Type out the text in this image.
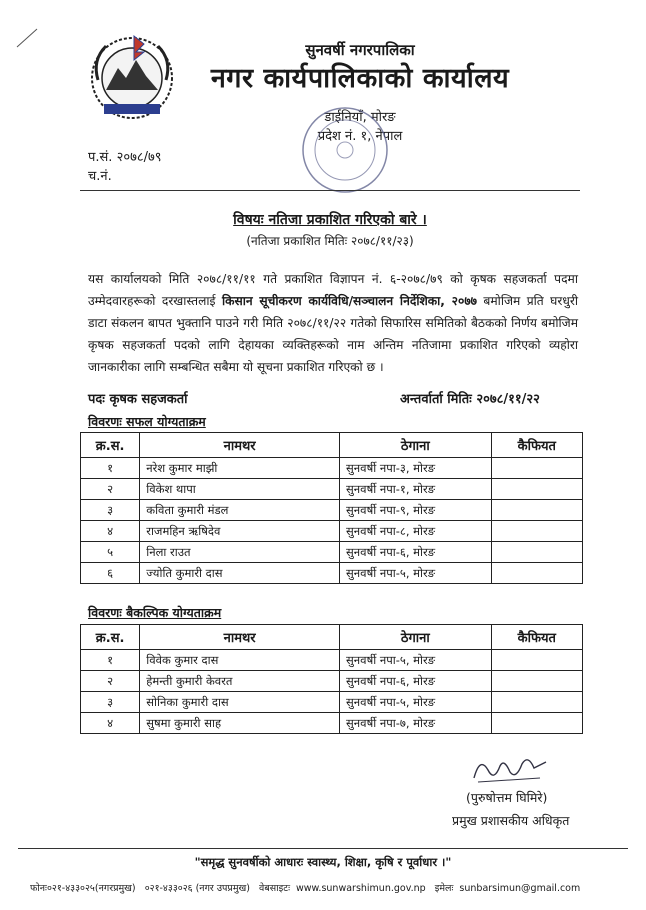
सुनवर्षी नगरपालिका
नगर कार्यपालिकाको कार्यालय
डाईनियाँ, मोरङ
प्रदेश नं. १, नेपाल
प.सं. २०७८/७९
च.नं.
विषयः नतिजा प्रकाशित गरिएको बारे ।
(नतिजा प्रकाशित मितिः २०७८/११/२३)
यस कार्यालयको मिति २०७८/११/११ गते प्रकाशित विज्ञापन नं. ६-२०७८/७९ को कृषक सहजकर्ता पदमा उम्मेदवारहरूको दरखास्तलाई किसान सूचीकरण कार्यविधि/सञ्चालन निर्देशिका, २०७७ बमोजिम प्रति घरधुरी डाटा संकलन बापत भुक्तानि पाउने गरी मिति २०७८/११/२२ गतेको सिफारिस समितिको बैठकको निर्णय बमोजिम कृषक सहजकर्ता पदको लागि देहायका व्यक्तिहरूको नाम अन्तिम नतिजामा प्रकाशित गरिएको व्यहोरा जानकारीका लागि सम्बन्धित सबैमा यो सूचना प्रकाशित गरिएको छ ।
पदः कृषक सहजकर्ता	अन्तर्वार्ता मितिः २०७८/११/२२
विवरणः सफल योग्यताक्रम
क्र.स.	नामथर	ठेगाना	कैफियत
१	नरेश कुमार माझी	सुनवर्षी नपा-३, मोरङ	
२	विकेश थापा	सुनवर्षी नपा-१, मोरङ	
३	कविता कुमारी मंडल	सुनवर्षी नपा-९, मोरङ	
४	राजमहिन ऋषिदेव	सुनवर्षी नपा-८, मोरङ	
५	निला राउत	सुनवर्षी नपा-६, मोरङ	
६	ज्योति कुमारी दास	सुनवर्षी नपा-५, मोरङ	
विवरणः बैकल्पिक योग्यताक्रम
क्र.स.	नामथर	ठेगाना	कैफियत
१	विवेक कुमार दास	सुनवर्षी नपा-५, मोरङ	
२	हेमन्ती कुमारी केवरत	सुनवर्षी नपा-६, मोरङ	
३	सोनिका कुमारी दास	सुनवर्षी नपा-५, मोरङ	
४	सुषमा कुमारी साह	सुनवर्षी नपा-७, मोरङ	
(पुरुषोत्तम घिमिरे)
प्रमुख प्रशासकीय अधिकृत
"समृद्ध सुनवर्षीको आधारः स्वास्थ्य, शिक्षा, कृषि र पूर्वाधार ।"
फोनः०२१-४३३०२५(नगरप्रमुख) ०२१-४३३०२६ (नगर उपप्रमुख) वेबसाइटः www.sunwarshimun.gov.np इमेलः sunbarsimun@gmail.com
